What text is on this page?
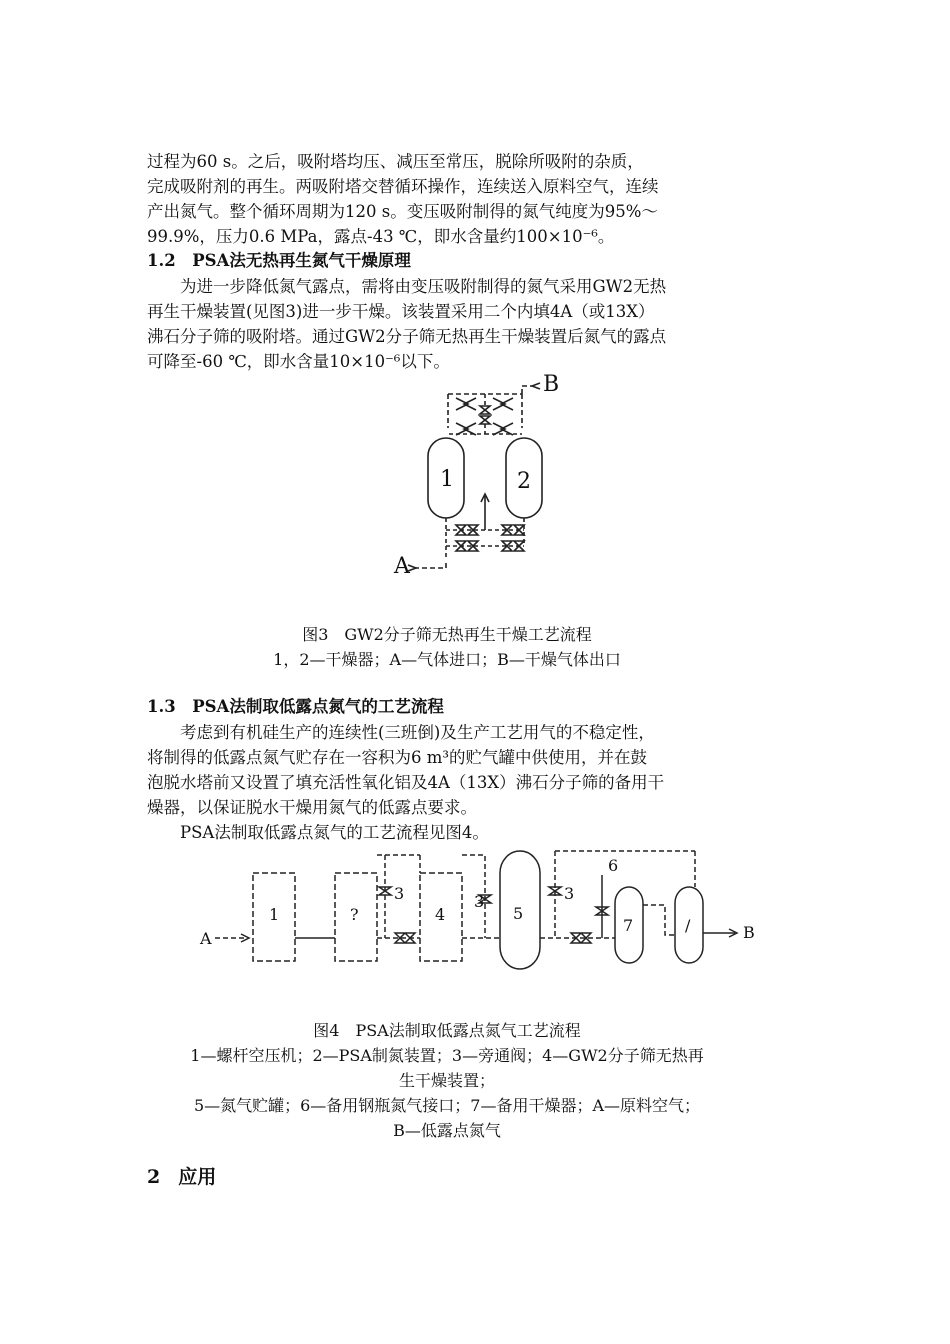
过程为60 s。之后，吸附塔均压、减压至常压，脱除所吸附的杂质，
完成吸附剂的再生。两吸附塔交替循环操作，连续送入原料空气，连续
产出氮气。整个循环周期为120 s。变压吸附制得的氮气纯度为95%～
99.9%，压力0.6 MPa，露点-43 ℃，即水含量约100×10⁻⁶。
1.2　PSA法无热再生氮气干燥原理
为进一步降低氮气露点，需将由变压吸附制得的氮气采用GW2无热
再生干燥装置(见图3)进一步干燥。该装置采用二个内填4A（或13X）
沸石分子筛的吸附塔。通过GW2分子筛无热再生干燥装置后氮气的露点
可降至-60 ℃，即水含量10×10⁻⁶以下。
1	2
A
B
图3　GW2分子筛无热再生干燥工艺流程
1，2—干燥器；A—气体进口；B—干燥气体出口
1.3　PSA法制取低露点氮气的工艺流程
考虑到有机硅生产的连续性(三班倒)及生产工艺用气的不稳定性，
将制得的低露点氮气贮存在一容积为6 m³的贮气罐中供使用，并在鼓
泡脱水塔前又设置了填充活性氧化铝及4A（13X）沸石分子筛的备用干
燥器，以保证脱水干燥用氮气的低露点要求。
PSA法制取低露点氮气的工艺流程见图4。
A	B
1	?	4	5
3	3	3
6
7	/
图4　PSA法制取低露点氮气工艺流程
1—螺杆空压机；2—PSA制氮装置；3—旁通阀；4—GW2分子筛无热再
生干燥装置；
5—氮气贮罐；6—备用钢瓶氮气接口；7—备用干燥器；A—原料空气；
B—低露点氮气
2 应用
